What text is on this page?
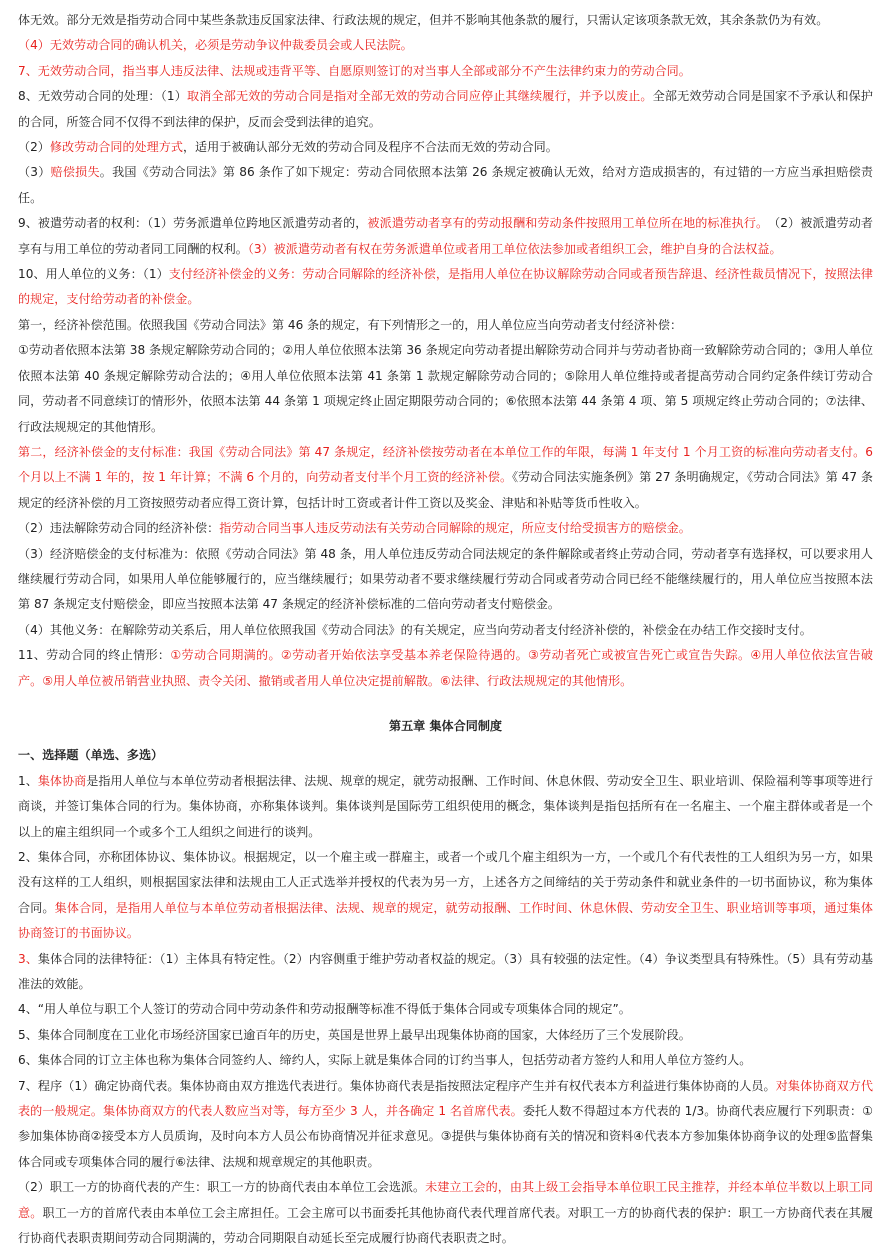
体无效。部分无效是指劳动合同中某些条款违反国家法律、行政法规的规定，但并不影响其他条款的履行，只需认定该项条款无效，其余条款仍为有效。

（4）无效劳动合同的确认机关，必须是劳动争议仲裁委员会或人民法院。

7、无效劳动合同，指当事人违反法律、法规或违背平等、自愿原则签订的对当事人全部或部分不产生法律约束力的劳动合同。

8、无效劳动合同的处理：（1）取消全部无效的劳动合同是指对全部无效的劳动合同应停止其继续履行，并予以废止。全部无效劳动合同是国家不予承认和保护的合同，所签合同不仅得不到法律的保护，反而会受到法律的追究。

（2）修改劳动合同的处理方式，适用于被确认部分无效的劳动合同及程序不合法而无效的劳动合同。

（3）赔偿损失。我国《劳动合同法》第 86 条作了如下规定：劳动合同依照本法第 26 条规定被确认无效，给对方造成损害的，有过错的一方应当承担赔偿责任。

9、被遣劳动者的权利：（1）劳务派遣单位跨地区派遣劳动者的，被派遣劳动者享有的劳动报酬和劳动条件按照用工单位所在地的标准执行。　（2）被派遣劳动者享有与用工单位的劳动者同工同酬的权利。（3）被派遣劳动者有权在劳务派遣单位或者用工单位依法参加或者组织工会，维护自身的合法权益。

10、用人单位的义务：（1）支付经济补偿金的义务：劳动合同解除的经济补偿，是指用人单位在协议解除劳动合同或者预告辞退、经济性裁员情况下，按照法律的规定，支付给劳动者的补偿金。

第一，经济补偿范围。依照我国《劳动合同法》第 46 条的规定，有下列情形之一的，用人单位应当向劳动者支付经济补偿：

①劳动者依照本法第 38 条规定解除劳动合同的；②用人单位依照本法第 36 条规定向劳动者提出解除劳动合同并与劳动者协商一致解除劳动合同的；③用人单位依照本法第 40 条规定解除劳动合法的；④用人单位依照本法第 41 条第 1 款规定解除劳动合同的；⑤除用人单位维持或者提高劳动合同约定条件续订劳动合同，劳动者不同意续订的情形外，依照本法第 44 条第 1 项规定终止固定期限劳动合同的；⑥依照本法第 44 条第 4 项、第 5 项规定终止劳动合同的；⑦法律、行政法规规定的其他情形。

第二，经济补偿金的支付标准：我国《劳动合同法》第 47 条规定，经济补偿按劳动者在本单位工作的年限，每满 1 年支付 1 个月工资的标准向劳动者支付。6 个月以上不满 1 年的，按 1 年计算；不满 6 个月的，向劳动者支付半个月工资的经济补偿。《劳动合同法实施条例》第 27 条明确规定，《劳动合同法》第 47 条规定的经济补偿的月工资按照劳动者应得工资计算，包括计时工资或者计件工资以及奖金、津贴和补贴等货币性收入。

（2）违法解除劳动合同的经济补偿：指劳动合同当事人违反劳动法有关劳动合同解除的规定，所应支付给受损害方的赔偿金。

（3）经济赔偿金的支付标准为：依照《劳动合同法》第 48 条，用人单位违反劳动合同法规定的条件解除或者终止劳动合同，劳动者享有选择权，可以要求用人继续履行劳动合同，如果用人单位能够履行的，应当继续履行；如果劳动者不要求继续履行劳动合同或者劳动合同已经不能继续履行的，用人单位应当按照本法第 87 条规定支付赔偿金，即应当按照本法第 47 条规定的经济补偿标准的二倍向劳动者支付赔偿金。

（4）其他义务：在解除劳动关系后，用人单位依照我国《劳动合同法》的有关规定，应当向劳动者支付经济补偿的，补偿金在办结工作交接时支付。

11、劳动合同的终止情形：①劳动合同期满的。②劳动者开始依法享受基本养老保险待遇的。③劳动者死亡或被宣告死亡或宣告失踪。④用人单位依法宣告破产。⑤用人单位被吊销营业执照、责令关闭、撤销或者用人单位决定提前解散。⑥法律、行政法规规定的其他情形。

第五章 集体合同制度

一、选择题（单选、多选）

1、集体协商是指用人单位与本单位劳动者根据法律、法规、规章的规定，就劳动报酬、工作时间、休息休假、劳动安全卫生、职业培训、保险福利等事项等进行商谈，并签订集体合同的行为。集体协商，亦称集体谈判。集体谈判是国际劳工组织使用的概念，集体谈判是指包括所有在一名雇主、一个雇主群体或者是一个以上的雇主组织同一个或多个工人组织之间进行的谈判。

2、集体合同，亦称团体协议、集体协议。根据规定，以一个雇主或一群雇主，或者一个或几个雇主组织为一方，一个或几个有代表性的工人组织为另一方，如果没有这样的工人组织，则根据国家法律和法规由工人正式选举并授权的代表为另一方，上述各方之间缔结的关于劳动条件和就业条件的一切书面协议，称为集体合同。集体合同，是指用人单位与本单位劳动者根据法律、法规、规章的规定，就劳动报酬、工作时间、休息休假、劳动安全卫生、职业培训等事项，通过集体协商签订的书面协议。

3、集体合同的法律特征：（1）主体具有特定性。（2）内容侧重于维护劳动者权益的规定。（3）具有较强的法定性。（4）争议类型具有特殊性。（5）具有劳动基准法的效能。

4、“用人单位与职工个人签订的劳动合同中劳动条件和劳动报酬等标准不得低于集体合同或专项集体合同的规定”。

5、集体合同制度在工业化市场经济国家已逾百年的历史，英国是世界上最早出现集体协商的国家，大体经历了三个发展阶段。

6、集体合同的订立主体也称为集体合同签约人、缔约人，实际上就是集体合同的订约当事人，包括劳动者方签约人和用人单位方签约人。

7、程序（1）确定协商代表。集体协商由双方推选代表进行。集体协商代表是指按照法定程序产生并有权代表本方利益进行集体协商的人员。对集体协商双方代表的一般规定。集体协商双方的代表人数应当对等，每方至少 3 人，并各确定 1 名首席代表。委托人数不得超过本方代表的 1/3。协商代表应履行下列职责：①参加集体协商②接受本方人员质询，及时向本方人员公布协商情况并征求意见。③提供与集体协商有关的情况和资料④代表本方参加集体协商争议的处理⑤监督集体合同或专项集体合同的履行⑥法律、法规和规章规定的其他职责。

（2）职工一方的协商代表的产生：职工一方的协商代表由本单位工会选派。未建立工会的，由其上级工会指导本单位职工民主推荐，并经本单位半数以上职工同意。职工一方的首席代表由本单位工会主席担任。工会主席可以书面委托其他协商代表代理首席代表。对职工一方的协商代表的保护：职工一方协商代表在其履行协商代表职责期间劳动合同期满的，劳动合同期限自动延长至完成履行协商代表职责之时。
